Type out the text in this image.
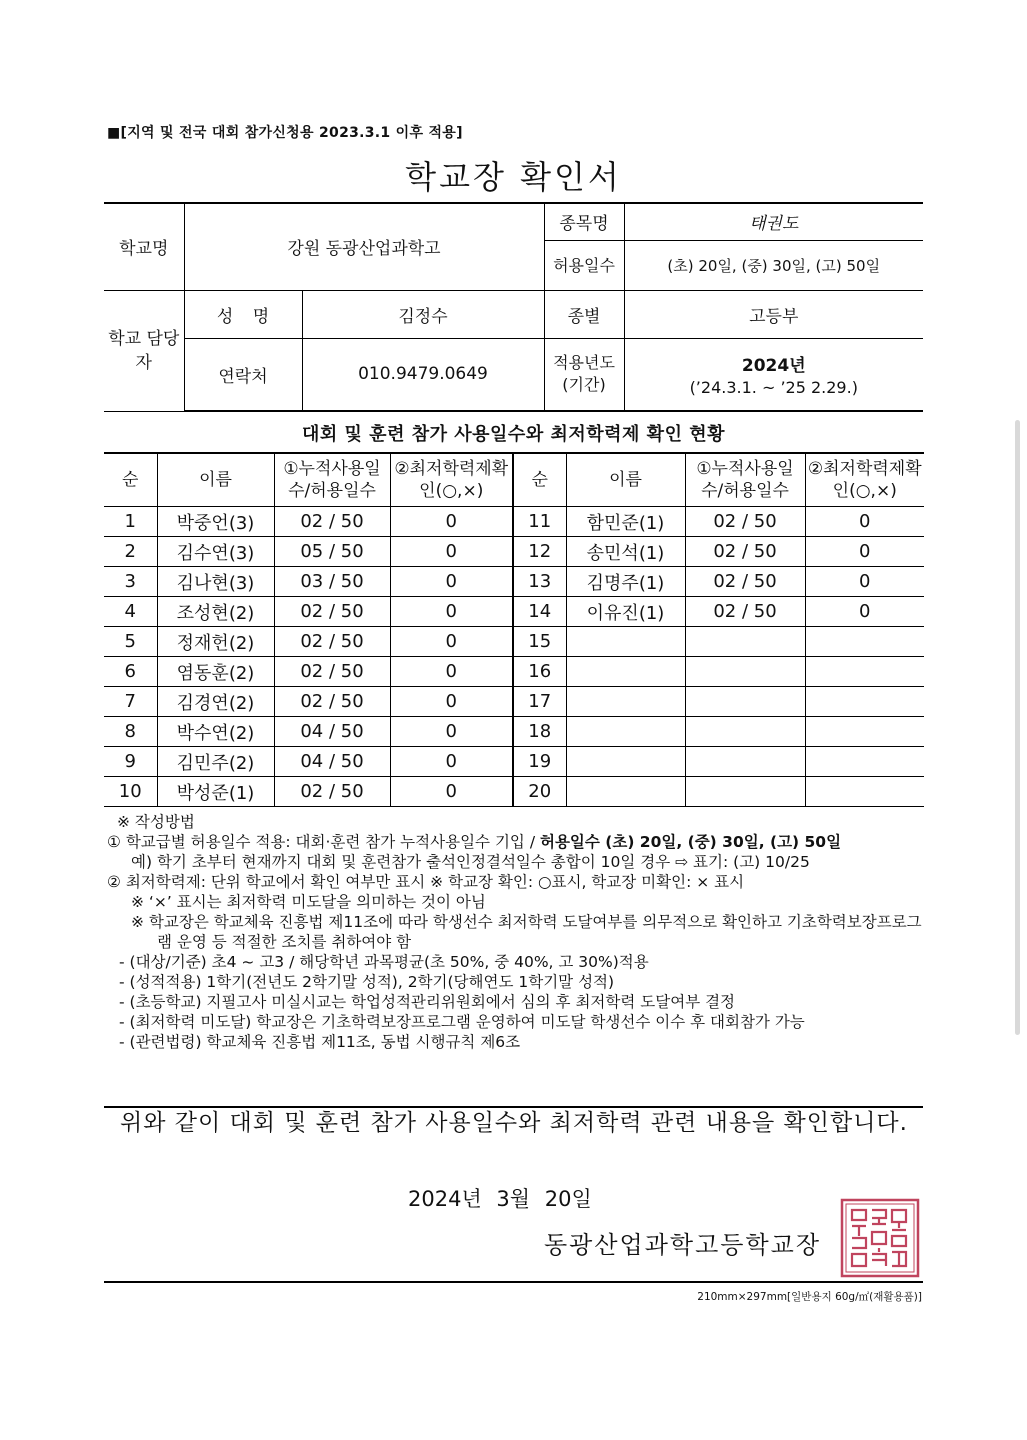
■[지역 및 전국 대회 참가신청용 2023.3.1 이후 적용]
학교장 확인서
학교명	강원 동광산업과학고		종목명	태권도
			허용일수	(초) 20일, (중) 30일, (고) 50일
학교 담당자	성 명	김정수	종별	고등부
	연락처	010.9479.0649	적용년도 (기간)	2024년
(’24.3.1. ~ ’25 2.29.)
대회 및 훈련 참가 사용일수와 최저학력제 확인 현황
순	이름	①누적사용일수/허용일수	②최저학력제확인(○,×)	순	이름	①누적사용일수/허용일수	②최저학력제확인(○,×)
1	박중언(3)	02 / 50	0	11	함민준(1)	02 / 50	0
2	김수연(3)	05 / 50	0	12	송민석(1)	02 / 50	0
3	김나현(3)	03 / 50	0	13	김명주(1)	02 / 50	0
4	조성현(2)	02 / 50	0	14	이유진(1)	02 / 50	0
5	정재헌(2)	02 / 50	0	15			
6	염동훈(2)	02 / 50	0	16			
7	김경연(2)	02 / 50	0	17			
8	박수연(2)	04 / 50	0	18			
9	김민주(2)	04 / 50	0	19			
10	박성준(1)	02 / 50	0	20			

※ 작성방법

① 학교급별 허용일수 적용: 대회·훈련 참가 누적사용일수 기입 / 허용일수 (초) 20일, (중) 30일, (고) 50일

예) 학기 초부터 현재까지 대회 및 훈련참가 출석인정결석일수 총합이 10일 경우 ⇨ 표기: (고) 10/25

② 최저학력제: 단위 학교에서 확인 여부만 표시 ※ 학교장 확인: ○표시, 학교장 미확인: × 표시

※ ‘×’ 표시는 최저학력 미도달을 의미하는 것이 아님

※ 학교장은 학교체육 진흥법 제11조에 따라 학생선수 최저학력 도달여부를 의무적으로 확인하고 기초학력보장프로그램 운영 등 적절한 조치를 취하여야 함

- (대상/기준) 초4 ~ 고3 / 해당학년 과목평균(초 50%, 중 40%, 고 30%)적용

- (성적적용) 1학기(전년도 2학기말 성적), 2학기(당해연도 1학기말 성적)

- (초등학교) 지필고사 미실시교는 학업성적관리위원회에서 심의 후 최저학력 도달여부 결정

- (최저학력 미도달) 학교장은 기초학력보장프로그램 운영하여 미도달 학생선수 이수 후 대회참가 가능

- (관련법령) 학교체육 진흥법 제11조, 동법 시행규칙 제6조

위와 같이 대회 및 훈련 참가 사용일수와 최저학력 관련 내용을 확인합니다.
2024년 3월 20일
동광산업과학고등학교장
210mm×297mm[일반용지 60g/㎡(재활용품)]
